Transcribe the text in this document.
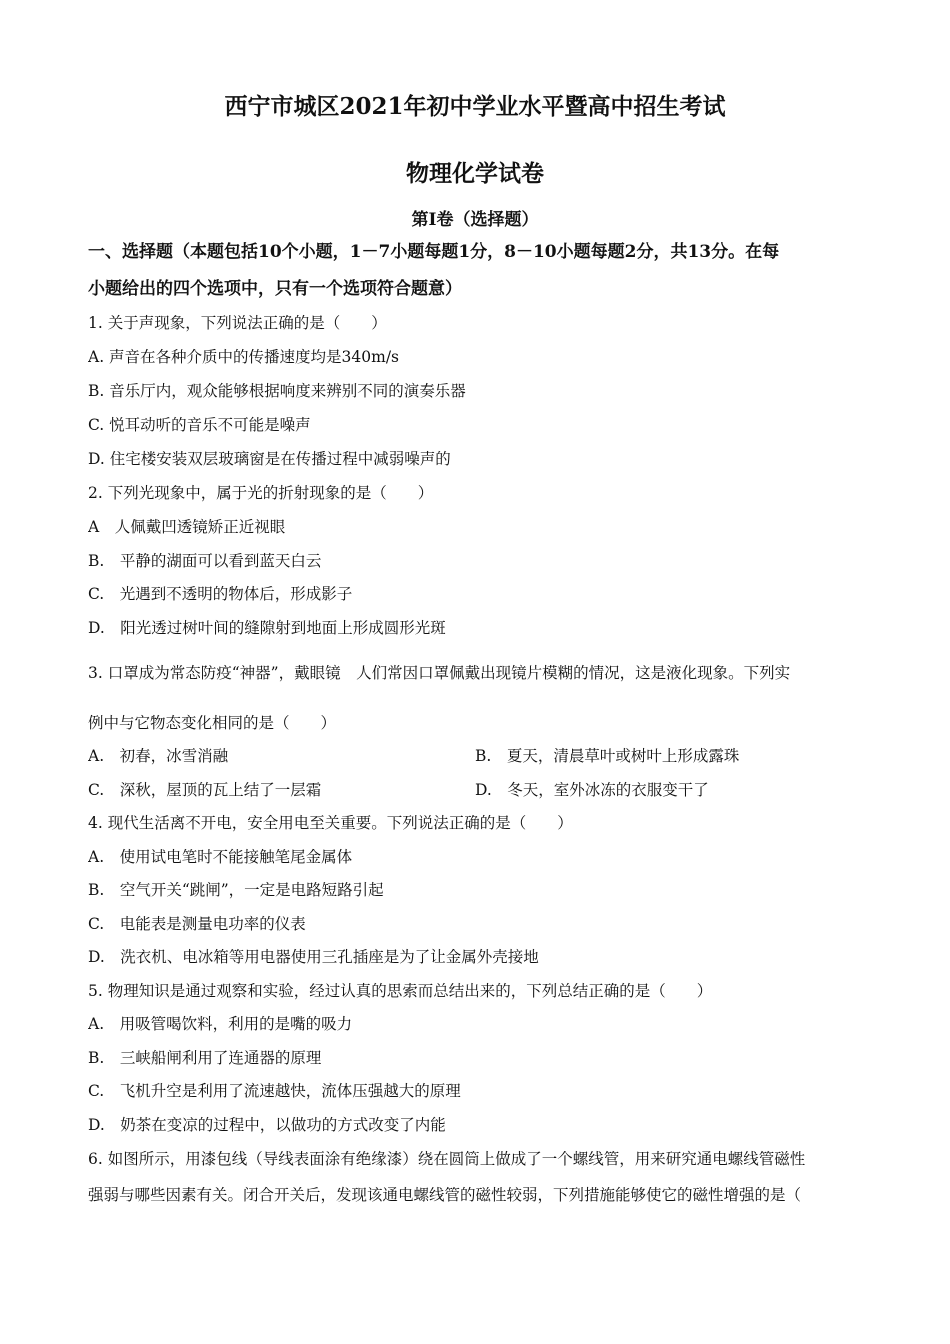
西宁市城区2021年初中学业水平暨高中招生考试
物理化学试卷
第Ⅰ卷（选择题）
一、选择题（本题包括10个小题，1－7小题每题1分，8－10小题每题2分，共13分。在每
小题给出的四个选项中，只有一个选项符合题意）
1. 关于声现象，下列说法正确的是（　　）
A. 声音在各种介质中的传播速度均是340m/s
B. 音乐厅内，观众能够根据响度来辨别不同的演奏乐器
C. 悦耳动听的音乐不可能是噪声
D. 住宅楼安装双层玻璃窗是在传播过程中减弱噪声的
2. 下列光现象中，属于光的折射现象的是（　　）
A　人佩戴凹透镜矫正近视眼
B.　平静的湖面可以看到蓝天白云
C.　光遇到不透明的物体后，形成影子
D.　阳光透过树叶间的缝隙射到地面上形成圆形光斑
3. 口罩成为常态防疫“神器”，戴眼镜　人们常因口罩佩戴出现镜片模糊的情况，这是液化现象。下列实
例中与它物态变化相同的是（　　）
A.　初春，冰雪消融	B.　夏天，清晨草叶或树叶上形成露珠
C.　深秋，屋顶的瓦上结了一层霜	D.　冬天，室外冰冻的衣服变干了
4. 现代生活离不开电，安全用电至关重要。下列说法正确的是（　　）
A.　使用试电笔时不能接触笔尾金属体
B.　空气开关“跳闸”，一定是电路短路引起
C.　电能表是测量电功率的仪表
D.　洗衣机、电冰箱等用电器使用三孔插座是为了让金属外壳接地
5. 物理知识是通过观察和实验，经过认真的思索而总结出来的，下列总结正确的是（　　）
A.　用吸管喝饮料，利用的是嘴的吸力
B.　三峡船闸利用了连通器的原理
C.　飞机升空是利用了流速越快，流体压强越大的原理
D.　奶茶在变凉的过程中，以做功的方式改变了内能
6. 如图所示，用漆包线（导线表面涂有绝缘漆）绕在圆筒上做成了一个螺线管，用来研究通电螺线管磁性
强弱与哪些因素有关。闭合开关后，发现该通电螺线管的磁性较弱，下列措施能够使它的磁性增强的是（
